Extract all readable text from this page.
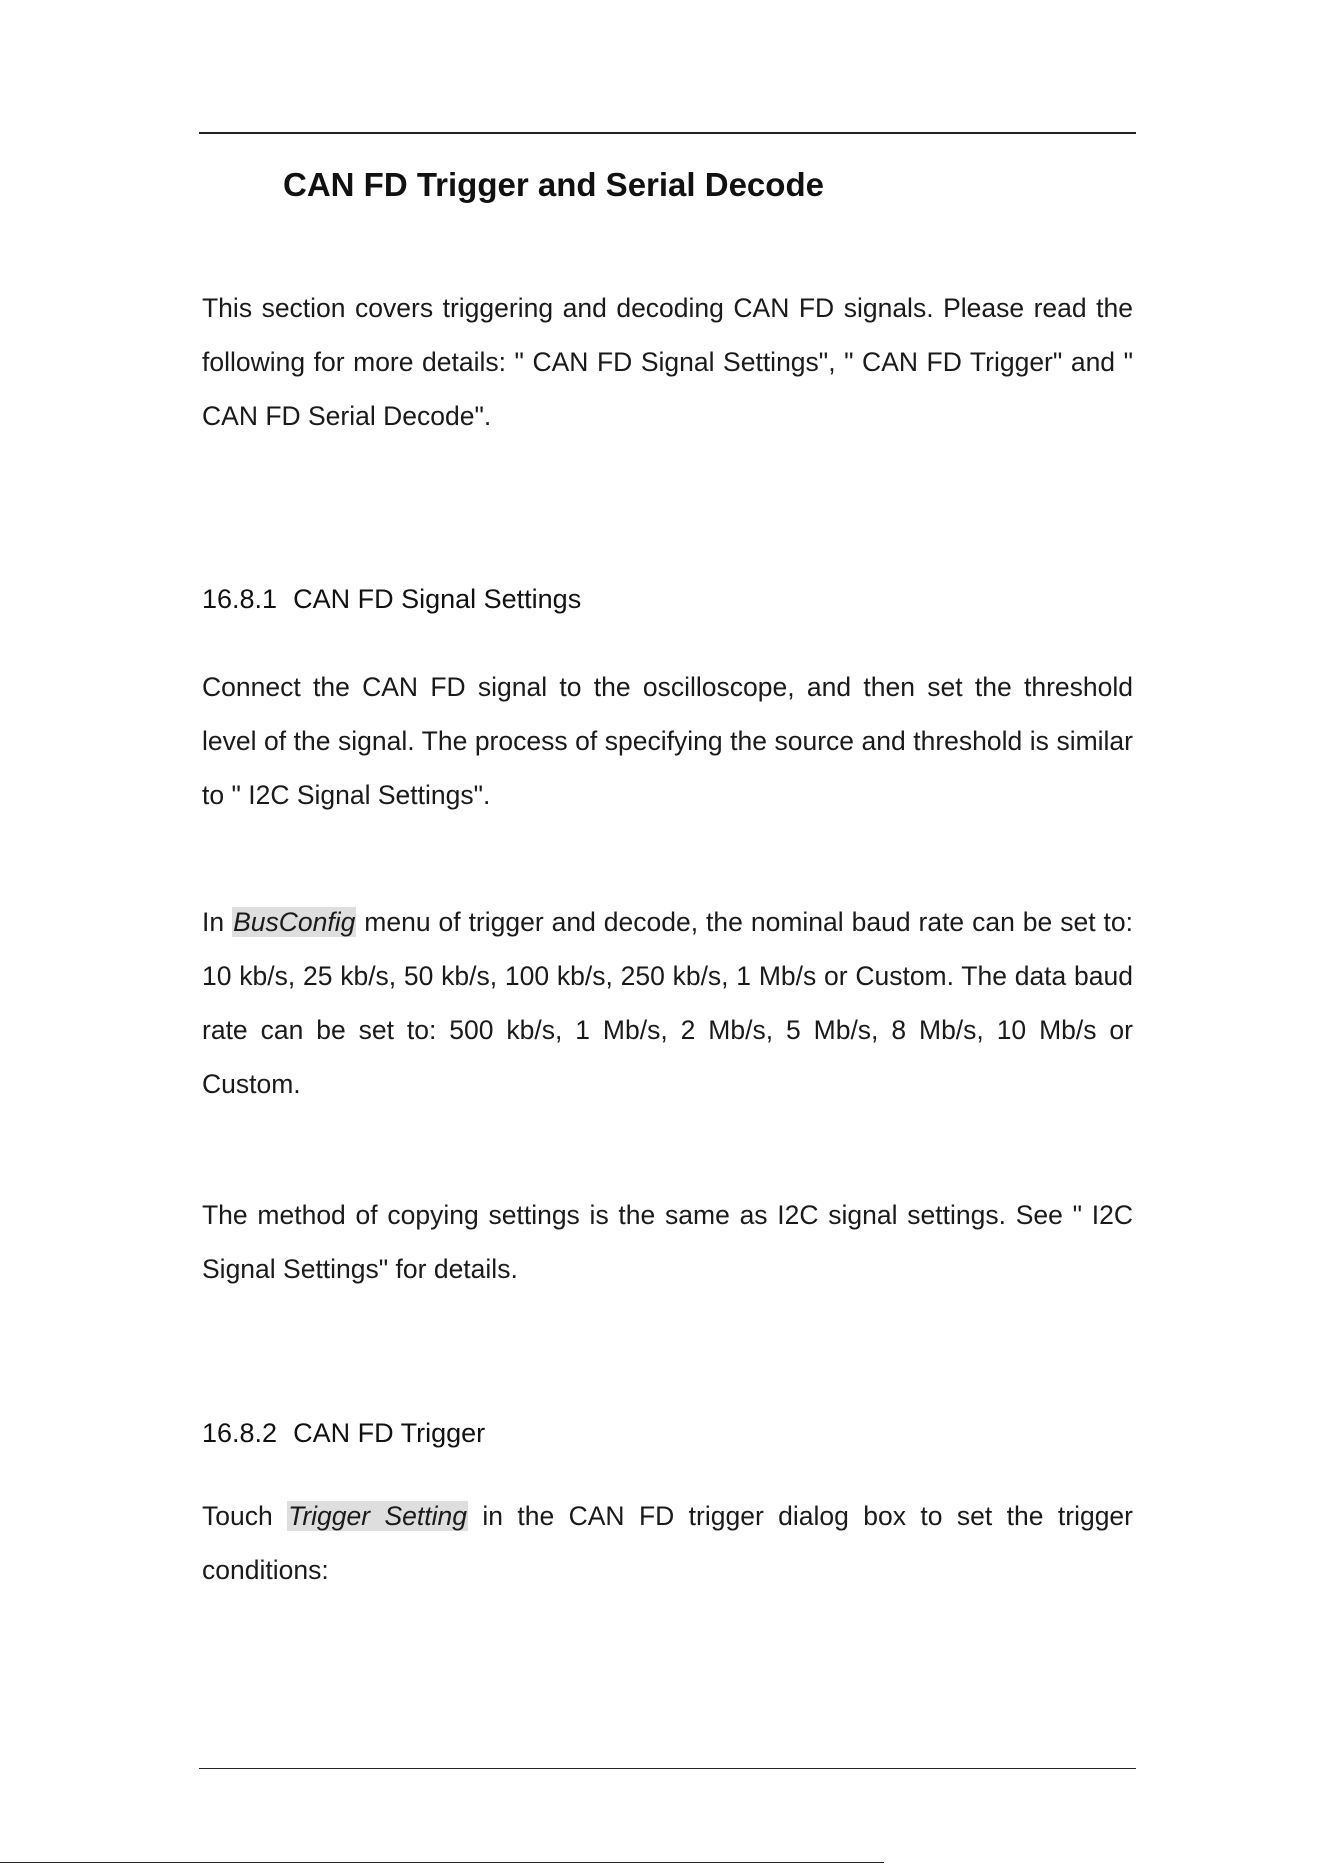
CAN FD Trigger and Serial Decode

This section covers triggering and decoding CAN FD signals. Please read the following for more details: " CAN FD Signal Settings", " CAN FD Trigger" and " CAN FD Serial Decode".

16.8.1 CAN FD Signal Settings

Connect the CAN FD signal to the oscilloscope, and then set the threshold level of the signal. The process of specifying the source and threshold is similar to " I2C Signal Settings".

In BusConfig menu of trigger and decode, the nominal baud rate can be set to: 10 kb/s, 25 kb/s, 50 kb/s, 100 kb/s, 250 kb/s, 1 Mb/s or Custom. The data baud rate can be set to: 500 kb/s, 1 Mb/s, 2 Mb/s, 5 Mb/s, 8 Mb/s, 10 Mb/s or Custom.

The method of copying settings is the same as I2C signal settings. See " I2C Signal Settings" for details.

16.8.2 CAN FD Trigger

Touch Trigger Setting in the CAN FD trigger dialog box to set the trigger conditions:
